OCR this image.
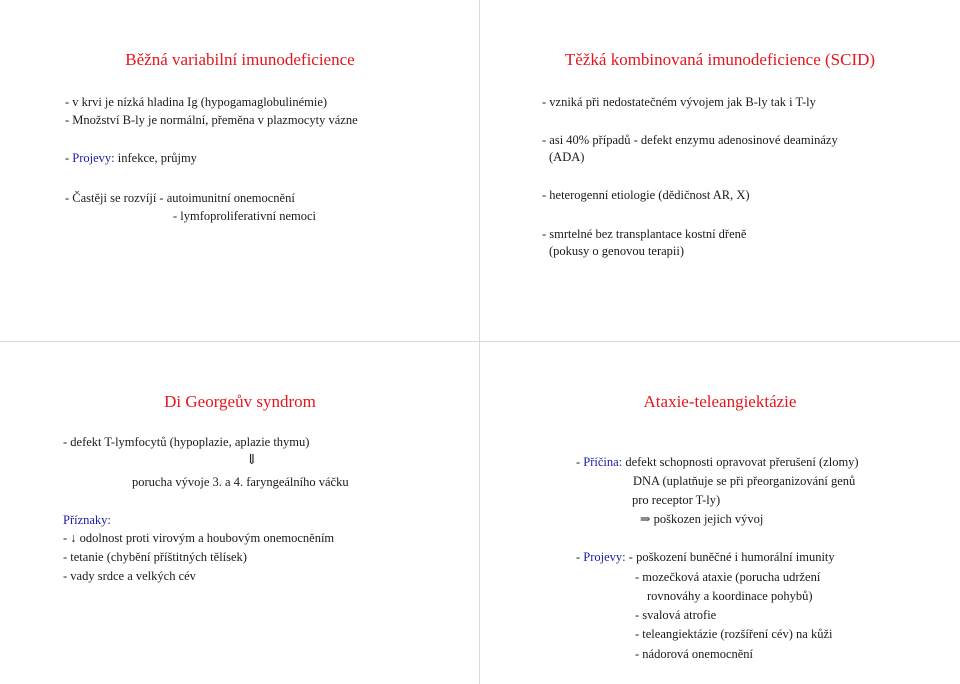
Běžná variabilní imunodeficience
- v krvi je nízká hladina Ig (hypogamaglobulinémie)
- Množství B-ly je normální, přeměna v plazmocyty vázne
- Projevy: infekce, průjmy
- Častěji se rozvíjí - autoimunitní onemocnění
- lymfoproliferativní nemoci
Těžká kombinovaná imunodeficience (SCID)
- vzniká při nedostatečném vývojem jak B-ly tak i T-ly
- asi 40% případů - defekt enzymu adenosinové deaminázy
(ADA)
- heterogenní etiologie (dědičnost AR, X)
- smrtelné bez transplantace kostní dřeně
(pokusy o genovou terapii)
Di Georgeův syndrom
- defekt T-lymfocytů (hypoplazie, aplazie thymu)
⇓
porucha vývoje 3. a 4. faryngeálního váčku
Příznaky:
- ↓ odolnost proti virovým a houbovým onemocněním
- tetanie (chybění příštitných tělísek)
- vady srdce a velkých cév
Ataxie-teleangiektázie
- Příčina: defekt schopnosti opravovat přerušení (zlomy)
DNA (uplatňuje se při přeorganizování genů
pro receptor T-ly)
⇒ poškozen jejich vývoj
- Projevy: - poškození buněčné i humorální imunity
- mozečková ataxie (porucha udržení
rovnováhy a koordinace pohybů)
- svalová atrofie
- teleangiektázie (rozšíření cév) na kůži
- nádorová onemocnění
